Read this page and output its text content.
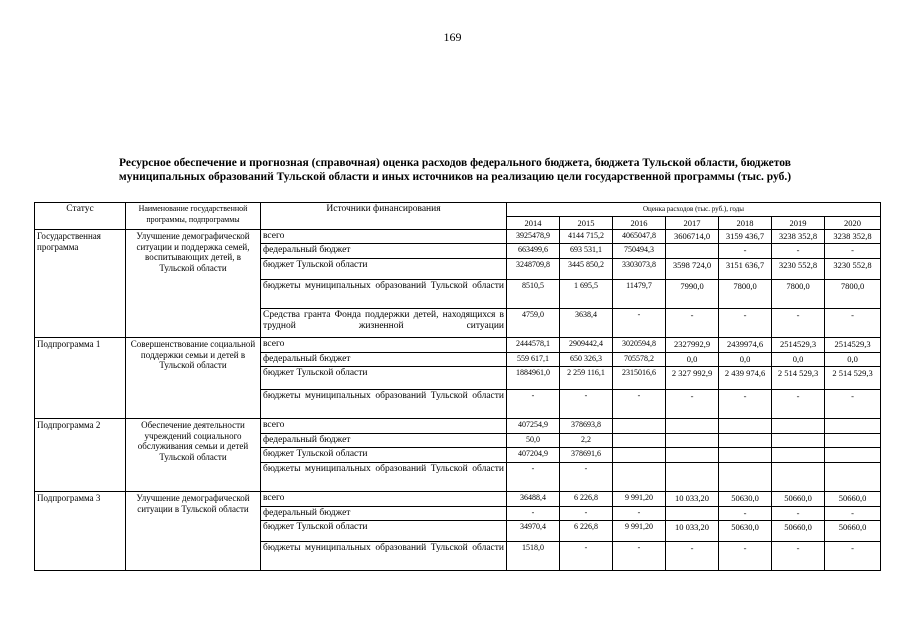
169
Ресурсное обеспечение и прогнозная (справочная) оценка расходов федерального бюджета, бюджета Тульской области, бюджетов
муниципальных образований Тульской области и иных источников на реализацию цели государственной программы (тыс. руб.)
Статус	Наименование государственной программы, подпрограммы	Источники финансирования	Оценка расходов (тыс. руб.), годы						
			2014	2015	2016	2017	2018	2019	2020
Государственная программа	Улучшение демографической ситуации и поддержка семей, воспитывающих детей, в Тульской области	всего	3925478,9	4144 715,2	4065047,8	3606714,0	3159 436,7	3238 352,8	3238 352,8
		федеральный бюджет	663499,6	693 531,1	750494,3		-	-	-
		бюджет Тульской области	3248709,8	3445 850,2	3303073,8	3598 724,0	3151 636,7	3230 552,8	3230 552,8
		бюджеты муниципальных образований Тульской области	8510,5	1 695,5	11479,7	7990,0	7800,0	7800,0	7800,0
		Средства гранта Фонда поддержки детей, находящихся в трудной жизненной ситуации	4759,0	3638,4	-	-	-	-	-
Подпрограмма 1	Совершенствование социальной поддержки семьи и детей в Тульской области	всего	2444578,1	2909442,4	3020594,8	2327992,9	2439974,6	2514529,3	2514529,3
		федеральный бюджет	559 617,1	650 326,3	705578,2	0,0	0,0	0,0	0,0
		бюджет Тульской области	1884961,0	2 259 116,1	2315016,6	2 327 992,9	2 439 974,6	2 514 529,3	2 514 529,3
		бюджеты муниципальных образований Тульской области	-	-	-	-	-	-	-
Подпрограмма 2	Обеспечение деятельности учреждений социального обслуживания семьи и детей Тульской области	всего	407254,9	378693,8					
		федеральный бюджет	50,0	2,2					
		бюджет Тульской области	407204,9	378691,6					
		бюджеты муниципальных образований Тульской области	-	-					
Подпрограмма 3	Улучшение демографической ситуации в Тульской области	всего	36488,4	6 226,8	9 991,20	10 033,20	50630,0	50660,0	50660,0
		федеральный бюджет	-	-	-		-	-	-
		бюджет Тульской области	34970,4	6 226,8	9 991,20	10 033,20	50630,0	50660,0	50660,0
		бюджеты муниципальных образований Тульской области	1518,0	-	-	-	-	-	-
